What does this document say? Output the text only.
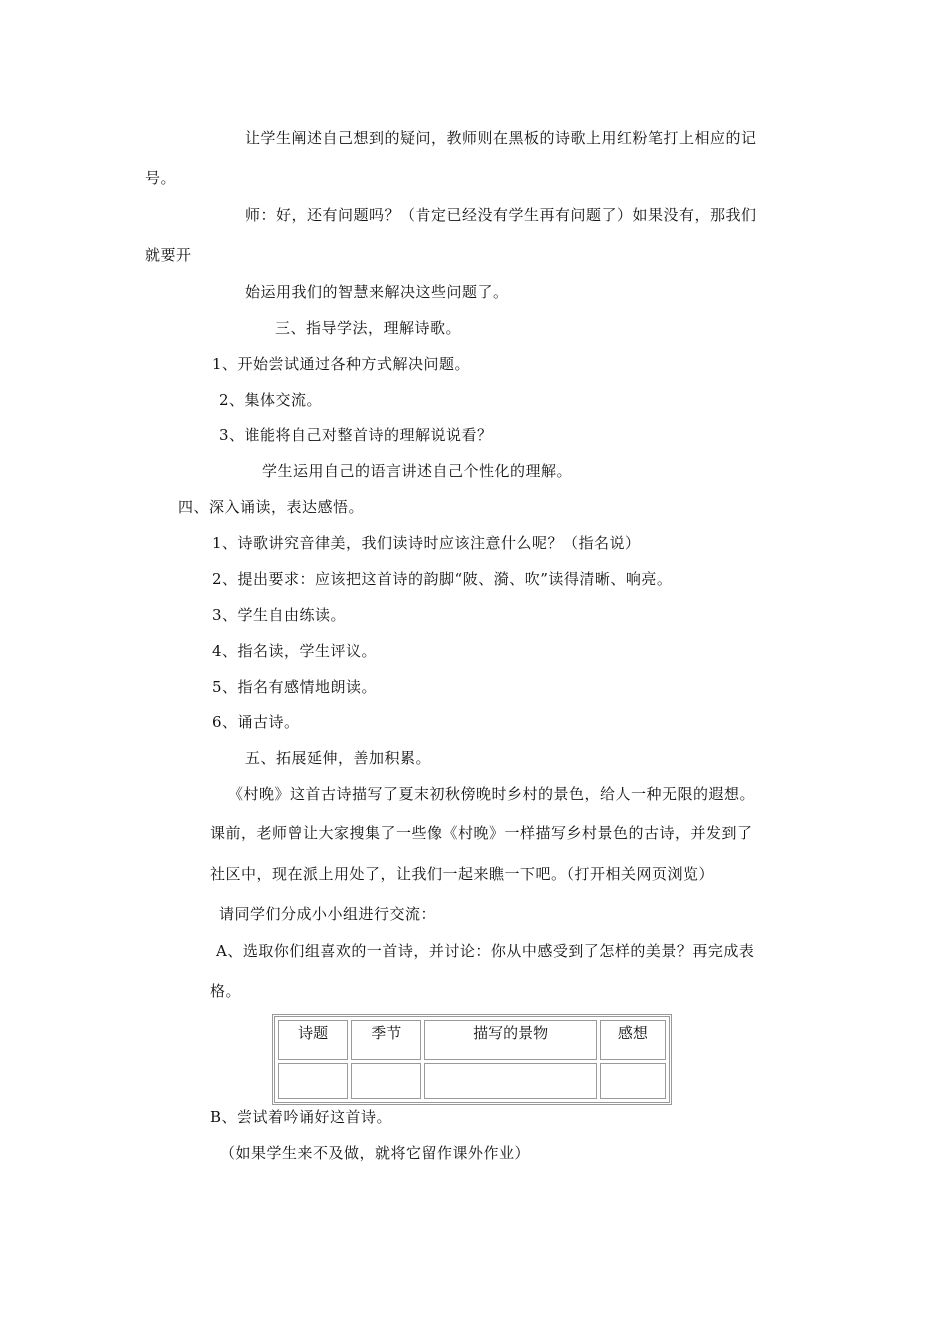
让学生阐述自己想到的疑问，教师则在黑板的诗歌上用红粉笔打上相应的记
号。
师：好，还有问题吗？（肯定已经没有学生再有问题了）如果没有，那我们
就要开
始运用我们的智慧来解决这些问题了。
三、指导学法，理解诗歌。
1、开始尝试通过各种方式解决问题。
2、集体交流。
3、谁能将自己对整首诗的理解说说看？
学生运用自己的语言讲述自己个性化的理解。
四、深入诵读，表达感悟。
1、诗歌讲究音律美，我们读诗时应该注意什么呢？（指名说）
2、提出要求：应该把这首诗的韵脚“陂、漪、吹”读得清晰、响亮。
3、学生自由练读。
4、指名读，学生评议。
5、指名有感情地朗读。
6、诵古诗。
五、拓展延伸，善加积累。
《村晚》这首古诗描写了夏末初秋傍晚时乡村的景色，给人一种无限的遐想。
课前，老师曾让大家搜集了一些像《村晚》一样描写乡村景色的古诗，并发到了
社区中，现在派上用处了，让我们一起来瞧一下吧。（打开相关网页浏览）
请同学们分成小小组进行交流：
A、选取你们组喜欢的一首诗，并讨论：你从中感受到了怎样的美景？再完成表
格。
诗题	季节	描写的景物	感想

B、尝试着吟诵好这首诗。
（如果学生来不及做，就将它留作课外作业）
